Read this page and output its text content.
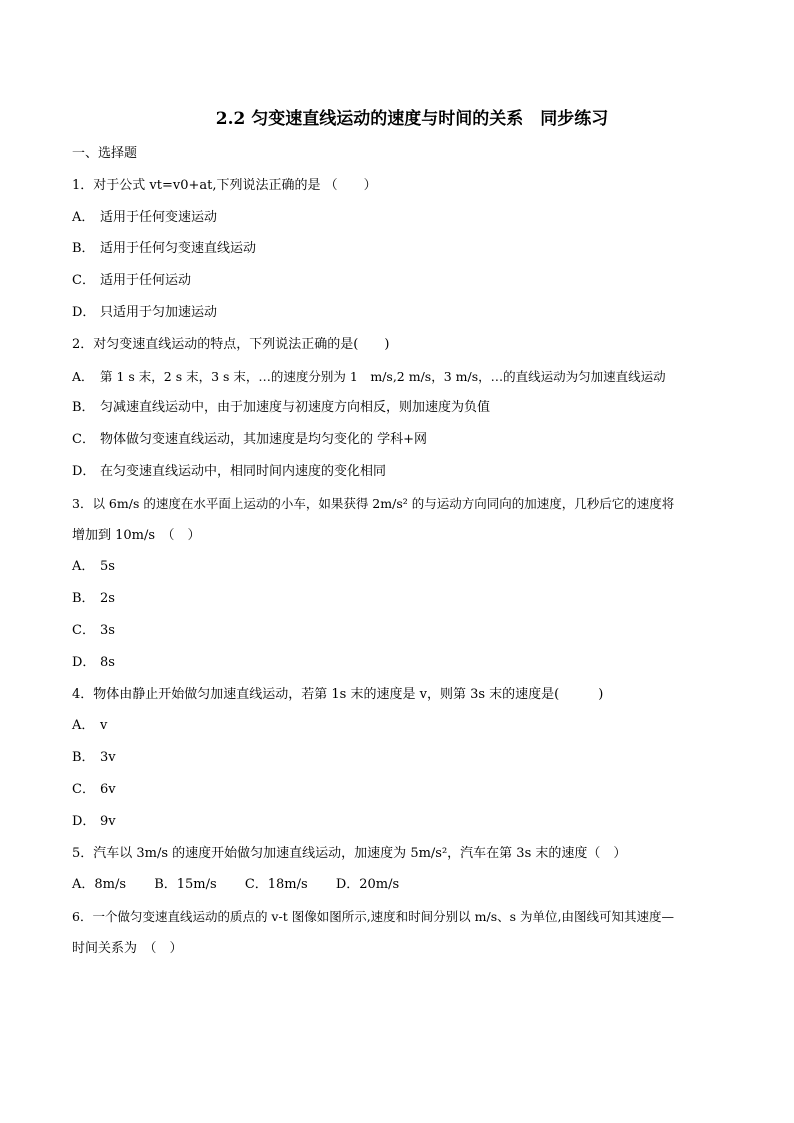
2.2 匀变速直线运动的速度与时间的关系　同步练习
一、选择题
1．对于公式 vt=v0+at,下列说法正确的是 （　　）
A． 适用于任何变速运动
B． 适用于任何匀变速直线运动
C． 适用于任何运动
D． 只适用于匀加速运动
2．对匀变速直线运动的特点，下列说法正确的是(　　)
A． 第 1 s 末，2 s 末，3 s 末，…的速度分别为 1　m/s,2 m/s，3 m/s，…的直线运动为匀加速直线运动
B． 匀减速直线运动中，由于加速度与初速度方向相反，则加速度为负值
C． 物体做匀变速直线运动，其加速度是均匀变化的 学科+网
D． 在匀变速直线运动中，相同时间内速度的变化相同
3．以 6m/s 的速度在水平面上运动的小车，如果获得 2m/s² 的与运动方向同向的加速度，几秒后它的速度将
增加到 10m/s　（　）
A． 5s
B． 2s
C． 3s
D． 8s
4．物体由静止开始做匀加速直线运动，若第 1s 末的速度是 v，则第 3s 末的速度是(　　　)
A． v
B． 3v
C． 6v
D． 9v
5．汽车以 3m/s 的速度开始做匀加速直线运动，加速度为 5m/s²，汽车在第 3s 末的速度（　）
A．8m/s B．15m/s C．18m/s D．20m/s
6．一个做匀变速直线运动的质点的 v-t 图像如图所示,速度和时间分别以 m/s、s 为单位,由图线可知其速度—
时间关系为　（　）
